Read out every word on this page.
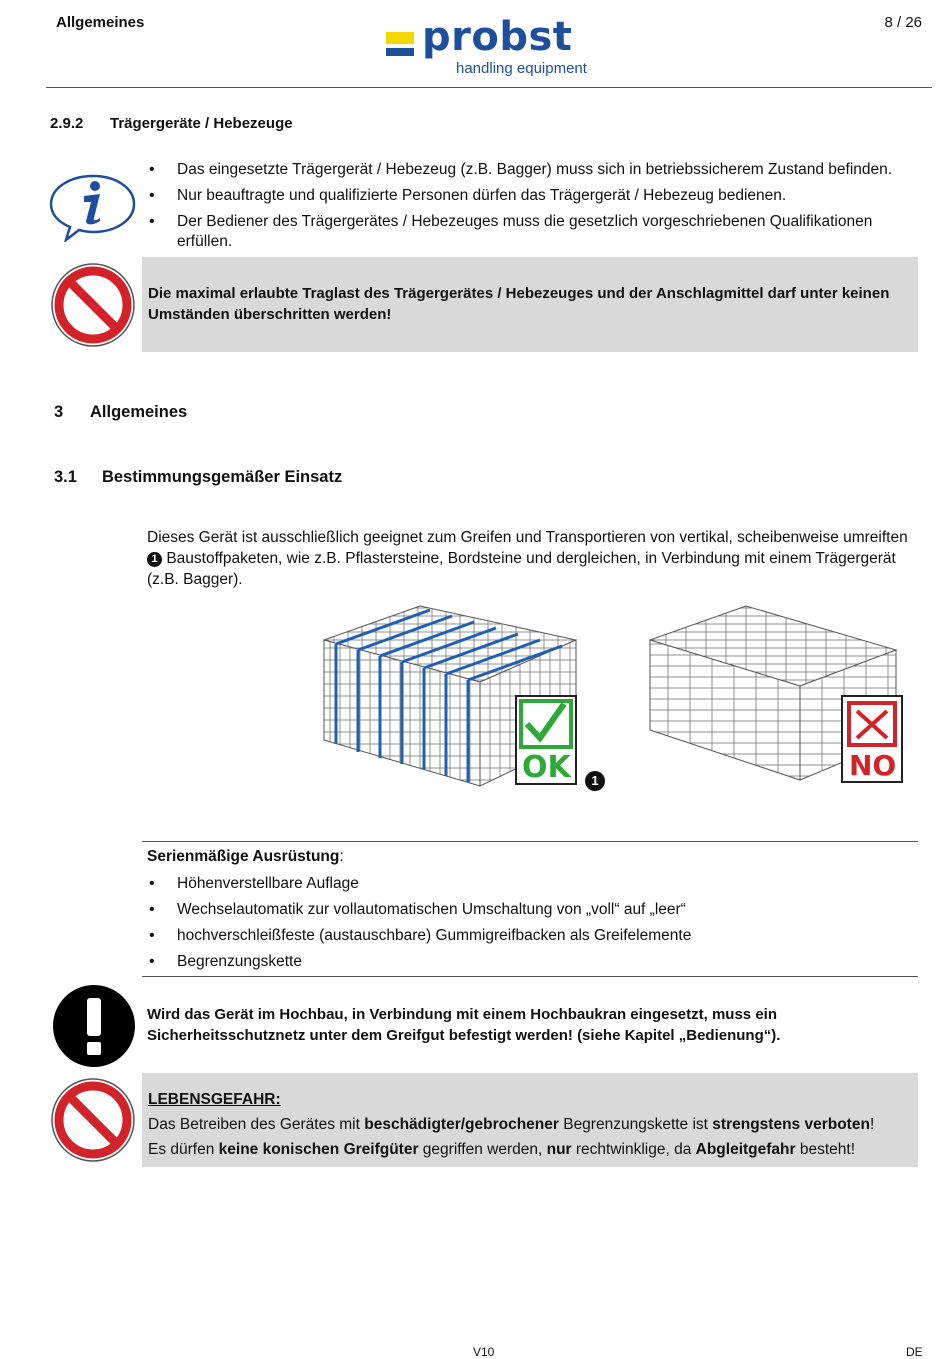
Allgemeines	8 / 26
probst
handling equipment
2.9.2 Trägergeräte / Hebezeuge
• Das eingesetzte Trägergerät / Hebezeug (z.B. Bagger) muss sich in betriebssicherem Zustand befinden.
• Nur beauftragte und qualifizierte Personen dürfen das Trägergerät / Hebezeug bedienen.
• Der Bediener des Trägergerätes / Hebezeuges muss die gesetzlich vorgeschriebenen Qualifikationen erfüllen.
Die maximal erlaubte Traglast des Trägergerätes / Hebezeuges und der Anschlagmittel darf unter keinen Umständen überschritten werden!
3 Allgemeines
3.1 Bestimmungsgemäßer Einsatz
Dieses Gerät ist ausschließlich geeignet zum Greifen und Transportieren von vertikal, scheibenweise umreiften 1 Baustoffpaketen, wie z.B. Pflastersteine, Bordsteine und dergleichen, in Verbindung mit einem Trägergerät (z.B. Bagger).
OK	1	NO
Serienmäßige Ausrüstung:
• Höhenverstellbare Auflage
• Wechselautomatik zur vollautomatischen Umschaltung von „voll“ auf „leer“
• hochverschleißfeste (austauschbare) Gummigreifbacken als Greifelemente
• Begrenzungskette
Wird das Gerät im Hochbau, in Verbindung mit einem Hochbaukran eingesetzt, muss ein Sicherheitsschutznetz unter dem Greifgut befestigt werden! (siehe Kapitel „Bedienung“).
LEBENSGEFAHR:
Das Betreiben des Gerätes mit beschädigter/gebrochener Begrenzungskette ist strengstens verboten!
Es dürfen keine konischen Greifgüter gegriffen werden, nur rechtwinklige, da Abgleitgefahr besteht!
V10	DE
